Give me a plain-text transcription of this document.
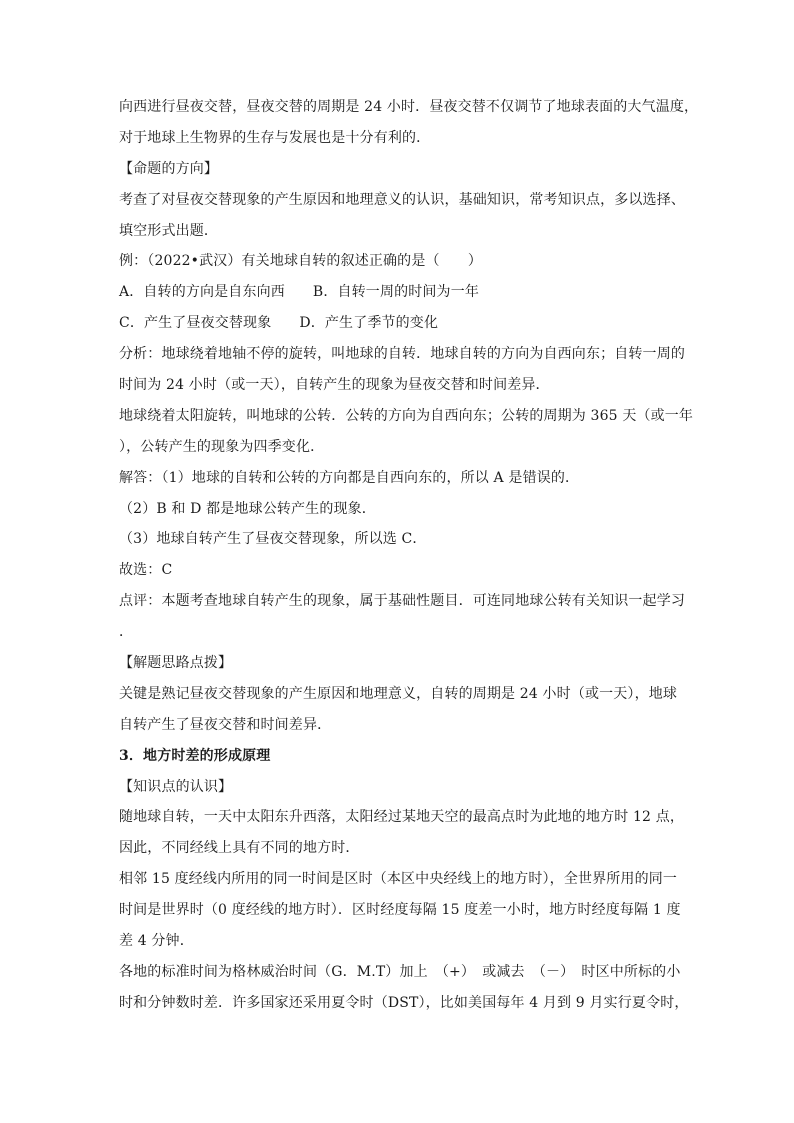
向西进行昼夜交替，昼夜交替的周期是 24 小时．昼夜交替不仅调节了地球表面的大气温度，
对于地球上生物界的生存与发展也是十分有利的．
【命题的方向】
考查了对昼夜交替现象的产生原因和地理意义的认识，基础知识，常考知识点，多以选择、
填空形式出题．
例：（2022•武汉）有关地球自转的叙述正确的是（　　）
A．自转的方向是自东向西 B．自转一周的时间为一年
C．产生了昼夜交替现象 D．产生了季节的变化
分析：地球绕着地轴不停的旋转，叫地球的自转．地球自转的方向为自西向东；自转一周的
时间为 24 小时（或一天），自转产生的现象为昼夜交替和时间差异．
地球绕着太阳旋转，叫地球的公转．公转的方向为自西向东；公转的周期为 365 天（或一年
），公转产生的现象为四季变化．
解答：（1）地球的自转和公转的方向都是自西向东的，所以 A 是错误的．
（2）B 和 D 都是地球公转产生的现象．
（3）地球自转产生了昼夜交替现象，所以选 C．
故选：C
点评：本题考查地球自转产生的现象，属于基础性题目．可连同地球公转有关知识一起学习
．
【解题思路点拨】
关键是熟记昼夜交替现象的产生原因和地理意义，自转的周期是 24 小时（或一天），地球
自转产生了昼夜交替和时间差异．
3．地方时差的形成原理
【知识点的认识】
随地球自转，一天中太阳东升西落，太阳经过某地天空的最高点时为此地的地方时 12 点，
因此，不同经线上具有不同的地方时．
相邻 15 度经线内所用的同一时间是区时（本区中央经线上的地方时），全世界所用的同一
时间是世界时（0 度经线的地方时）．区时经度每隔 15 度差一小时，地方时经度每隔 1 度
差 4 分钟．
各地的标准时间为格林威治时间（G．M.T）加上　（+）　或减去　（－）　时区中所标的小
时和分钟数时差．许多国家还采用夏令时（DST），比如美国每年 4 月到 9 月实行夏令时，
